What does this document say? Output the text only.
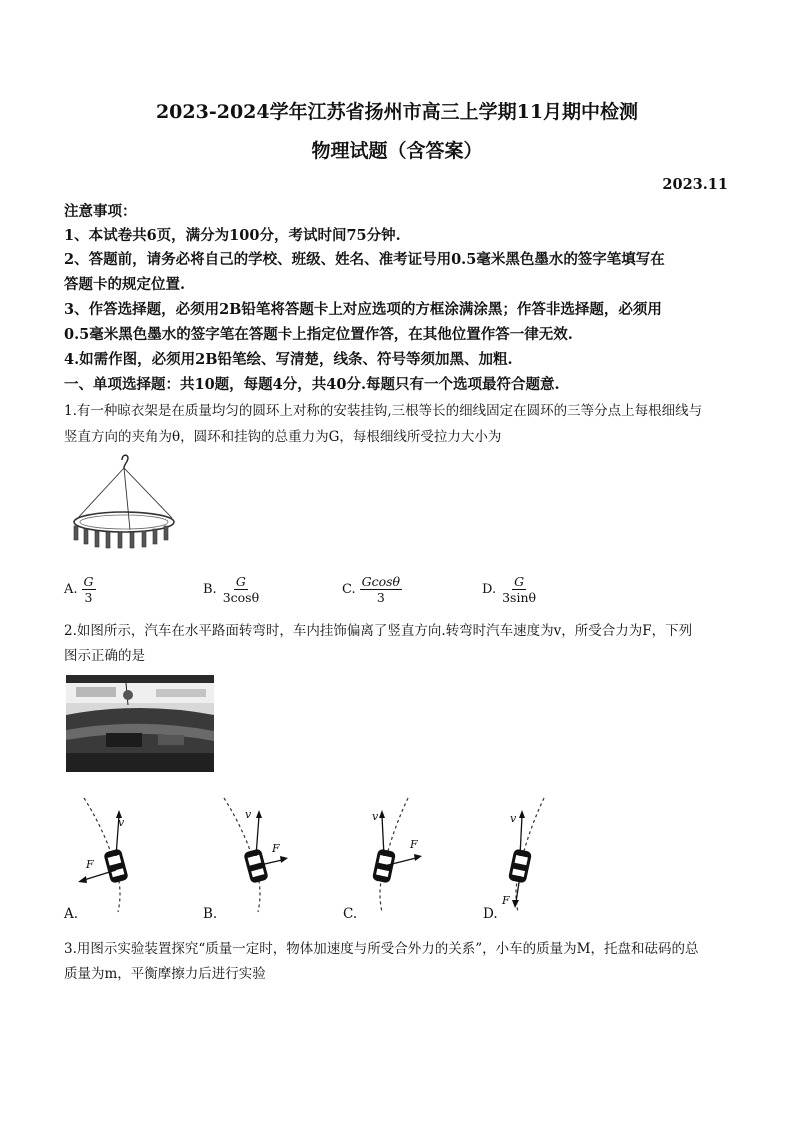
2023-2024学年江苏省扬州市高三上学期11月期中检测
物理试题（含答案）
2023.11
注意事项：
1、本试卷共6页，满分为100分，考试时间75分钟.
2、答题前，请务必将自己的学校、班级、姓名、准考证号用0.5毫米黑色墨水的签字笔填写在
答题卡的规定位置.
3、作答选择题，必须用2B铅笔将答题卡上对应选项的方框涂满涂黑；作答非选择题，必须用
0.5毫米黑色墨水的签字笔在答题卡上指定位置作答，在其他位置作答一律无效.
4.如需作图，必须用2B铅笔绘、写清楚，线条、符号等须加黑、加粗.
一、单项选择题：共10题，每题4分，共40分.每题只有一个选项最符合题意.
1.有一种晾衣架是在质量均匀的圆环上对称的安装挂钩,三根等长的细线固定在圆环的三等分点上每根细线与
竖直方向的夹角为θ，圆环和挂钩的总重力为G，每根细线所受拉力大小为
A. $\frac{G}{3}$	B. $\frac{G}{3\cos\theta}$	C. $\frac{Gcos\theta}{3}$	D. $\frac{G}{3\sin\theta}$
2.如图所示，汽车在水平路面转弯时，车内挂饰偏离了竖直方向.转弯时汽车速度为v，所受合力为F，下列
图示正确的是
v
F
v
F
v
F
v
F
A.	B.	C.	D.
3.用图示实验装置探究“质量一定时，物体加速度与所受合外力的关系”，小车的质量为M，托盘和砝码的总
质量为m，平衡摩擦力后进行实验
